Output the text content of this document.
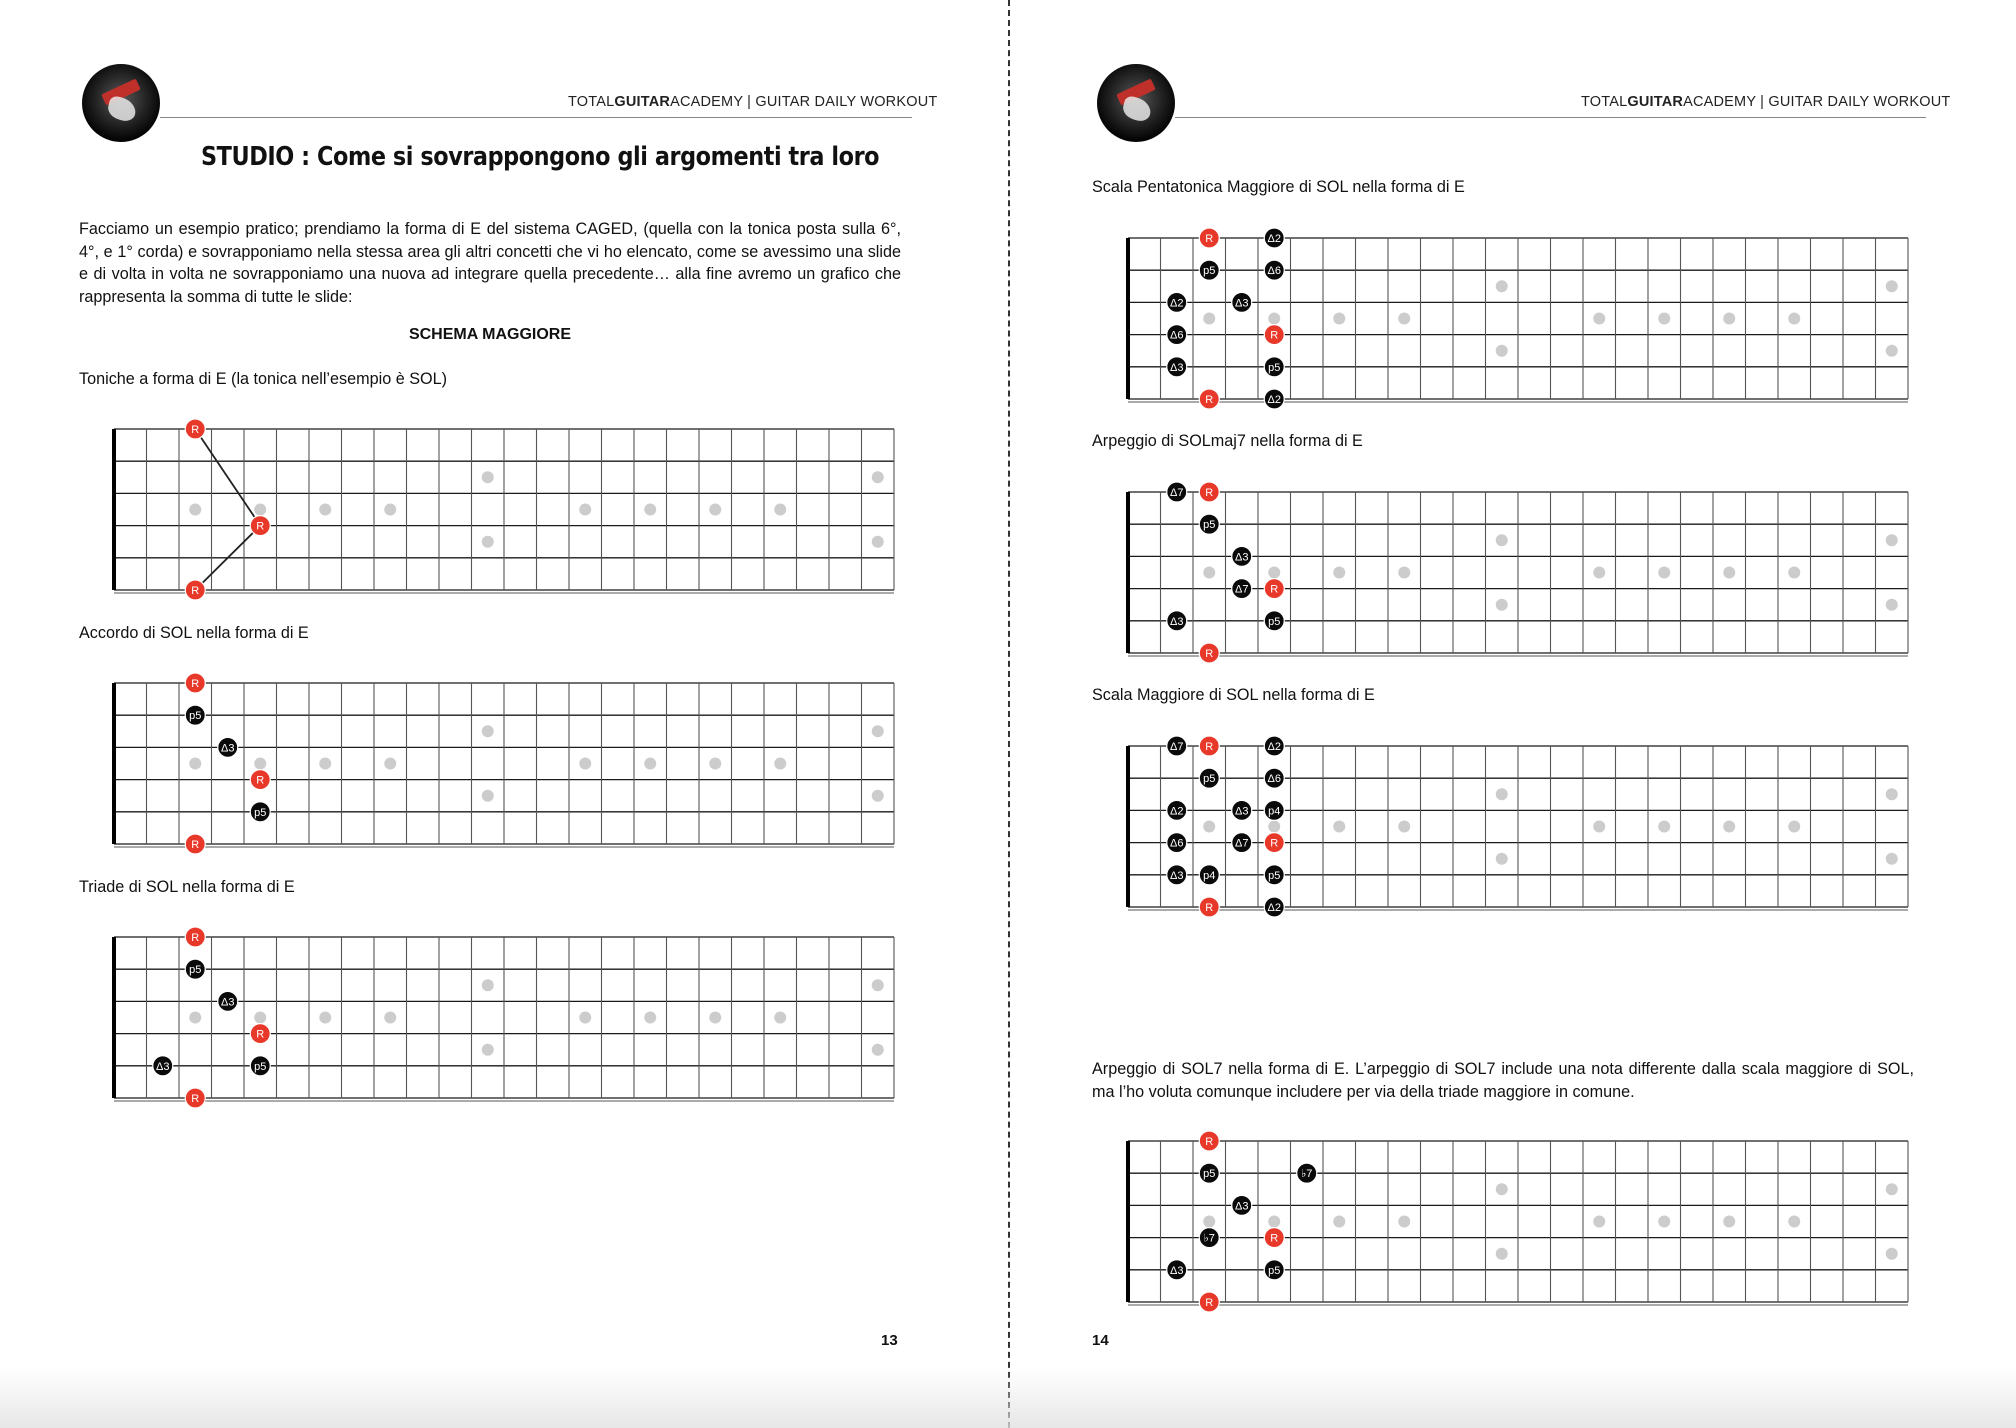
TOTALGUITARACADEMY | GUITAR DAILY WORKOUT
STUDIO : Come si sovrappongono gli argomenti tra loro
Facciamo un esempio pratico; prendiamo la forma di E del sistema CAGED, (quella con la tonica posta sulla 6°, 4°, e 1° corda) e sovrapponiamo nella stessa area gli altri concetti che vi ho elencato, come se avessimo una slide e di volta in volta ne sovrapponiamo una nuova ad integrare quella precedente… alla fine avremo un grafico che rappresenta la somma di tutte le slide:
SCHEMA MAGGIORE
Toniche a forma di E (la tonica nell’esempio è SOL)
R
R
R
Accordo di SOL nella forma di E
R
p5
Δ3
R
p5
R
Triade di SOL nella forma di E
R
p5
Δ3
R
Δ3	p5
R
13
TOTALGUITARACADEMY | GUITAR DAILY WORKOUT
Scala Pentatonica Maggiore di SOL nella forma di E
R	Δ2
p5	Δ6
Δ2	Δ3
Δ6	R
Δ3	p5
R	Δ2
Arpeggio di SOLmaj7 nella forma di E
Δ7 R
p5
Δ3
Δ7 R
Δ3	p5
R
Scala Maggiore di SOL nella forma di E
Δ7 R	Δ2
p5	Δ6
Δ2	Δ3 p4
Δ6	Δ7 R
Δ3 p4	p5
R	Δ2
Arpeggio di SOL7 nella forma di E. L’arpeggio di SOL7 include una nota differente dalla scala maggiore di SOL, ma l’ho voluta comunque includere per via della triade maggiore in comune.
R
p5	♭7
Δ3
♭7	R
Δ3	p5
R
14
